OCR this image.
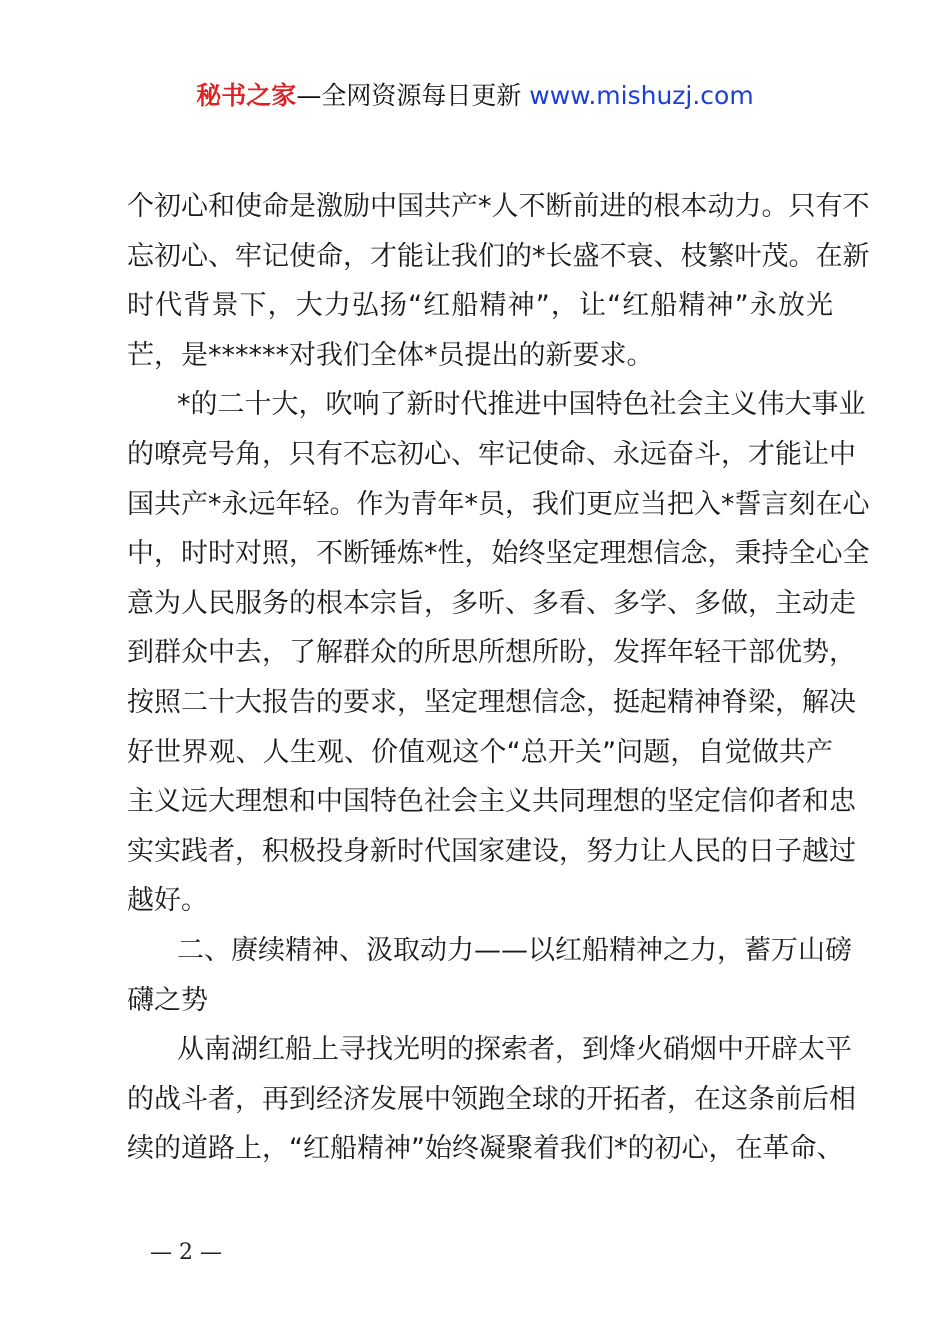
秘书之家—全网资源每日更新 www.mishuzj.com
个初心和使命是激励中国共产*人不断前进的根本动力。只有不
忘初心、牢记使命，才能让我们的*长盛不衰、枝繁叶茂。在新
时代背景下，大力弘扬“红船精神”，让“红船精神”永放光
芒，是******对我们全体*员提出的新要求。
*的二十大，吹响了新时代推进中国特色社会主义伟大事业
的嘹亮号角，只有不忘初心、牢记使命、永远奋斗，才能让中
国共产*永远年轻。作为青年*员，我们更应当把入*誓言刻在心
中，时时对照，不断锤炼*性，始终坚定理想信念，秉持全心全
意为人民服务的根本宗旨，多听、多看、多学、多做，主动走
到群众中去，了解群众的所思所想所盼，发挥年轻干部优势，
按照二十大报告的要求，坚定理想信念，挺起精神脊梁，解决
好世界观、人生观、价值观这个“总开关”问题，自觉做共产
主义远大理想和中国特色社会主义共同理想的坚定信仰者和忠
实实践者，积极投身新时代国家建设，努力让人民的日子越过
越好。
二、赓续精神、汲取动力——以红船精神之力，蓄万山磅
礴之势
从南湖红船上寻找光明的探索者，到烽火硝烟中开辟太平
的战斗者，再到经济发展中领跑全球的开拓者，在这条前后相
续的道路上，“红船精神”始终凝聚着我们*的初心，在革命、
— 2 —
